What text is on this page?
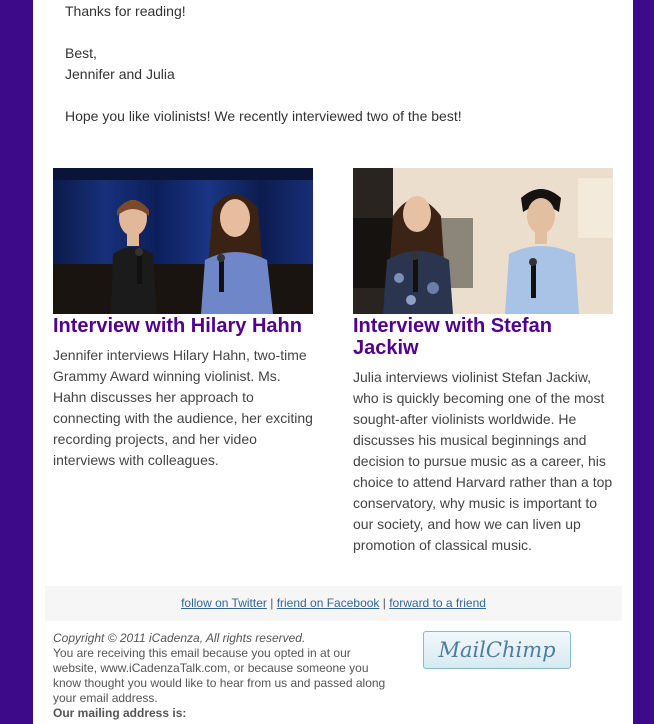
Thanks for reading!

Best,

Jennifer and Julia

Hope you like violinists! We recently interviewed two of the best!

Interview with Hilary Hahn

Jennifer interviews Hilary Hahn, two-time Grammy Award winning violinist. Ms. Hahn discusses her approach to connecting with the audience, her exciting recording projects, and her video interviews with colleagues.

Interview with Stefan Jackiw

Julia interviews violinist Stefan Jackiw, who is quickly becoming one of the most sought-after violinists worldwide. He discusses his musical beginnings and decision to pursue music as a career, his choice to attend Harvard rather than a top conservatory, why music is important to our society, and how we can liven up promotion of classical music.

follow on Twitter | friend on Facebook | forward to a friend
Copyright © 2011 iCadenza, All rights reserved.
You are receiving this email because you opted in at our website, www.iCadenzaTalk.com, or because someone you know thought you would like to hear from us and passed along your email address.
Our mailing address is:
MailChimp
